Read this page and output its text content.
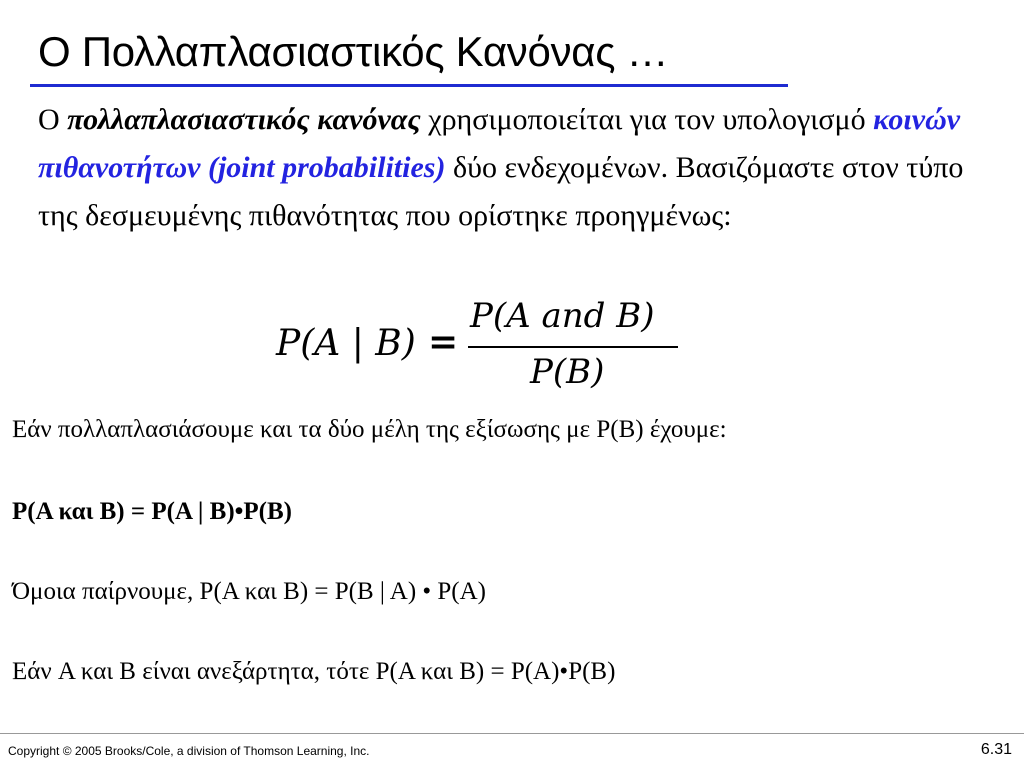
Ο Πολλαπλασιαστικός Κανόνας …
Ο πολλαπλασιαστικός κανόνας χρησιμοποιείται για τον υπολογισμό κοινών πιθανοτήτων (joint probabilities) δύο ενδεχομένων. Βασιζόμαστε στον τύπο της δεσμευμένης πιθανότητας που ορίστηκε προηγμένως:
P(A | B) =
P(A and B)
P(B)
Εάν πολλαπλασιάσουμε και τα δύο μέλη της εξίσωσης με P(B) έχουμε:
P(A και B) = P(A | B)•P(B)
Όμοια παίρνουμε, P(A και B) = P(B | A) • P(A)
Εάν A και B είναι ανεξάρτητα, τότε P(A και B) = P(A)•P(B)
Copyright © 2005 Brooks/Cole, a division of Thomson Learning, Inc.	6.31
